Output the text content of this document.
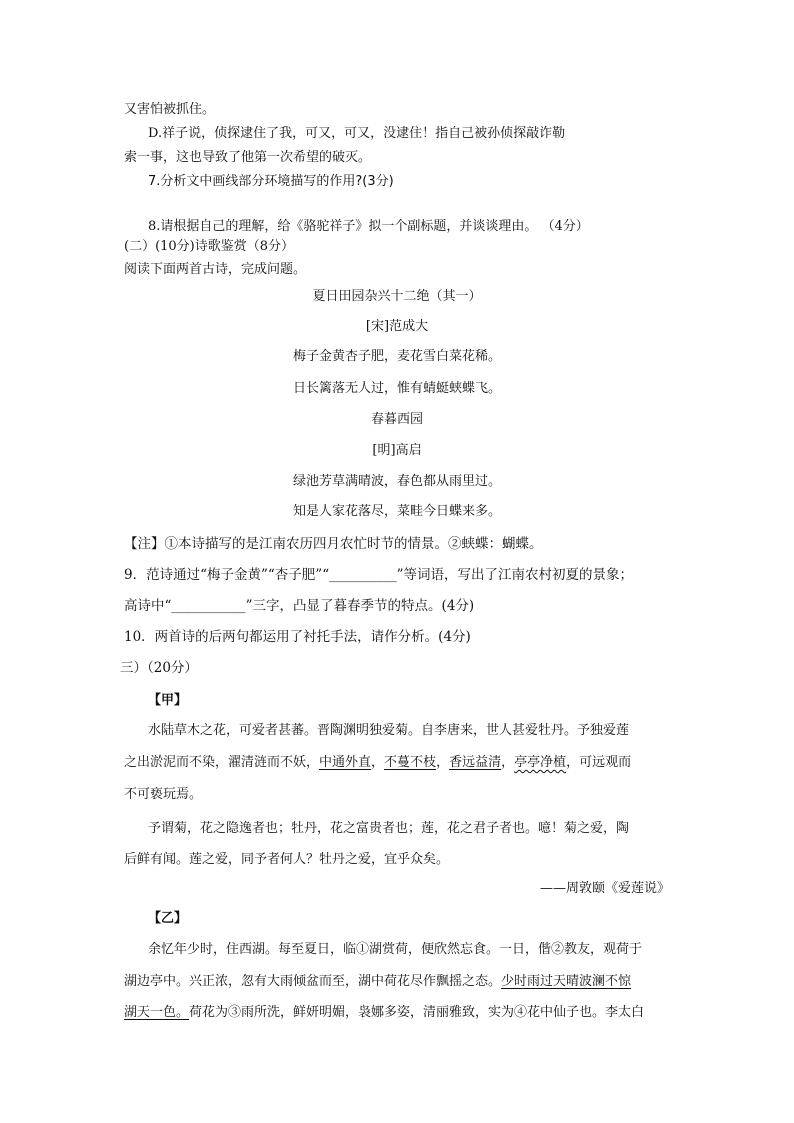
又害怕被抓住。
D.祥子说，侦探逮住了我，可又，可又，没逮住！指自己被孙侦探敲诈勒
索一事，这也导致了他第一次希望的破灭。
7.分析文中画线部分环境描写的作用?(3分)
8.请根据自己的理解，给《骆驼祥子》拟一个副标题，并谈谈理由。 （4分）
(二）(10分)诗歌鉴赏（8分）
阅读下面两首古诗，完成问题。
夏日田园杂兴十二绝（其一）
[宋]范成大
梅子金黄杏子肥，麦花雪白菜花稀。
日长篱落无人过，惟有蜻蜓蛱蝶飞。
春暮西园
[明]高启
绿池芳草满晴波，春色都从雨里过。
知是人家花落尽，菜畦今日蝶来多。
【注】①本诗描写的是江南农历四月农忙时节的情景。②蛱蝶：蝴蝶。
9．范诗通过“梅子金黄”“杏子肥”“__________”等词语，写出了江南农村初夏的景象；
高诗中“___________”三字，凸显了暮春季节的特点。(4分)
10．两首诗的后两句都运用了衬托手法，请作分析。(4分)
三）（20分）
【甲】
水陆草木之花，可爱者甚蕃。晋陶渊明独爱菊。自李唐来，世人甚爱牡丹。予独爱莲
之出淤泥而不染，濯清涟而不妖，中通外直，不蔓不枝，香远益清，亭亭净植，可远观而
不可亵玩焉。
予谓菊，花之隐逸者也；牡丹，花之富贵者也；莲，花之君子者也。噫！菊之爱，陶
后鲜有闻。莲之爱，同予者何人？牡丹之爱，宜乎众矣。
——周敦颐《爱莲说》
【乙】
余忆年少时，住西湖。每至夏日，临①湖赏荷，便欣然忘食。一日，偕②教友，观荷于
湖边亭中。兴正浓，忽有大雨倾盆而至，湖中荷花尽作飘摇之态。少时雨过天晴波澜不惊
湖天一色。荷花为③雨所洗，鲜妍明媚，袅娜多姿，清丽雅致，实为④花中仙子也。李太白
